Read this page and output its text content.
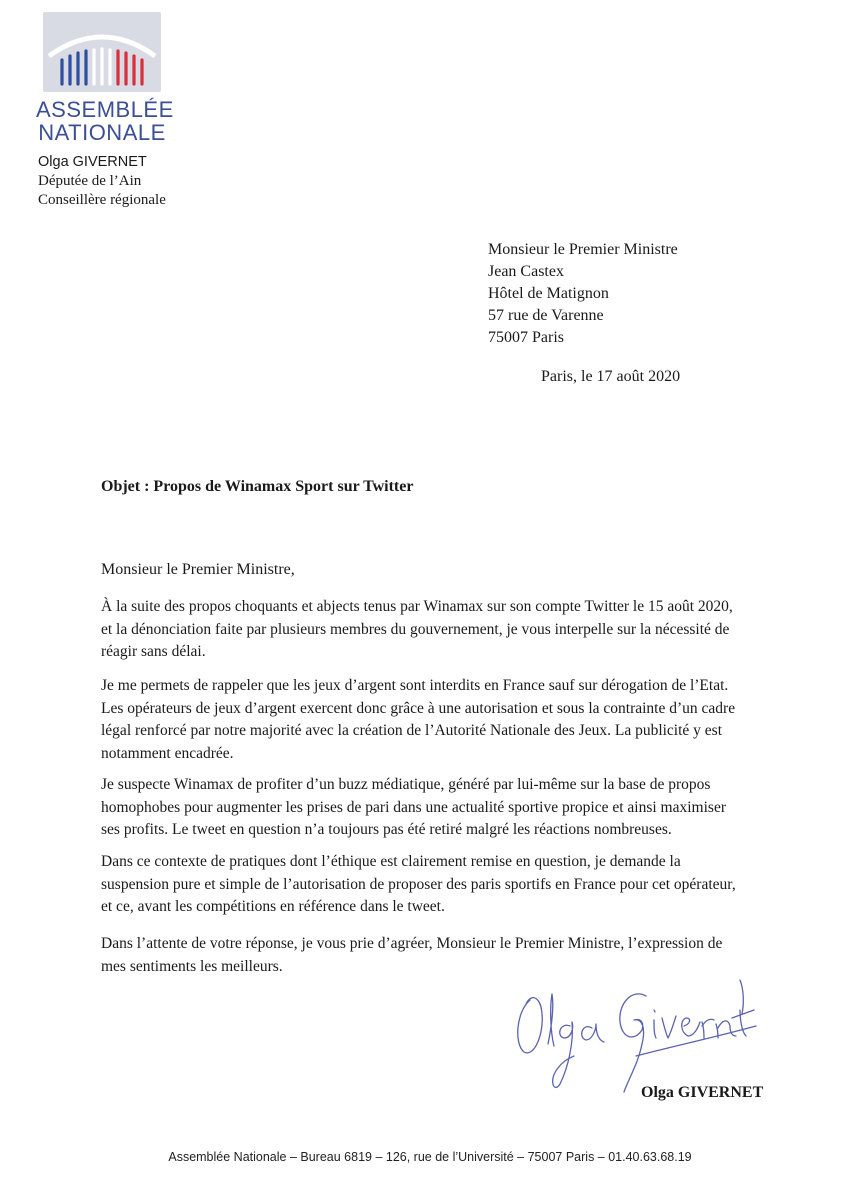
ASSEMBLÉE
NATIONALE
Olga GIVERNET
Députée de l’Ain
Conseillère régionale
Monsieur le Premier Ministre
Jean Castex
Hôtel de Matignon
57 rue de Varenne
75007 Paris
Paris, le 17 août 2020
Objet : Propos de Winamax Sport sur Twitter
Monsieur le Premier Ministre,
À la suite des propos choquants et abjects tenus par Winamax sur son compte Twitter le 15 août 2020,
et la dénonciation faite par plusieurs membres du gouvernement, je vous interpelle sur la nécessité de
réagir sans délai.
Je me permets de rappeler que les jeux d’argent sont interdits en France sauf sur dérogation de l’Etat.
Les opérateurs de jeux d’argent exercent donc grâce à une autorisation et sous la contrainte d’un cadre
légal renforcé par notre majorité avec la création de l’Autorité Nationale des Jeux. La publicité y est
notamment encadrée.
Je suspecte Winamax de profiter d’un buzz médiatique, généré par lui-même sur la base de propos
homophobes pour augmenter les prises de pari dans une actualité sportive propice et ainsi maximiser
ses profits. Le tweet en question n’a toujours pas été retiré malgré les réactions nombreuses.
Dans ce contexte de pratiques dont l’éthique est clairement remise en question, je demande la
suspension pure et simple de l’autorisation de proposer des paris sportifs en France pour cet opérateur,
et ce, avant les compétitions en référence dans le tweet.
Dans l’attente de votre réponse, je vous prie d’agréer, Monsieur le Premier Ministre, l’expression de
mes sentiments les meilleurs.
Olga GIVERNET
Assemblée Nationale – Bureau 6819 – 126, rue de l’Université – 75007 Paris – 01.40.63.68.19
